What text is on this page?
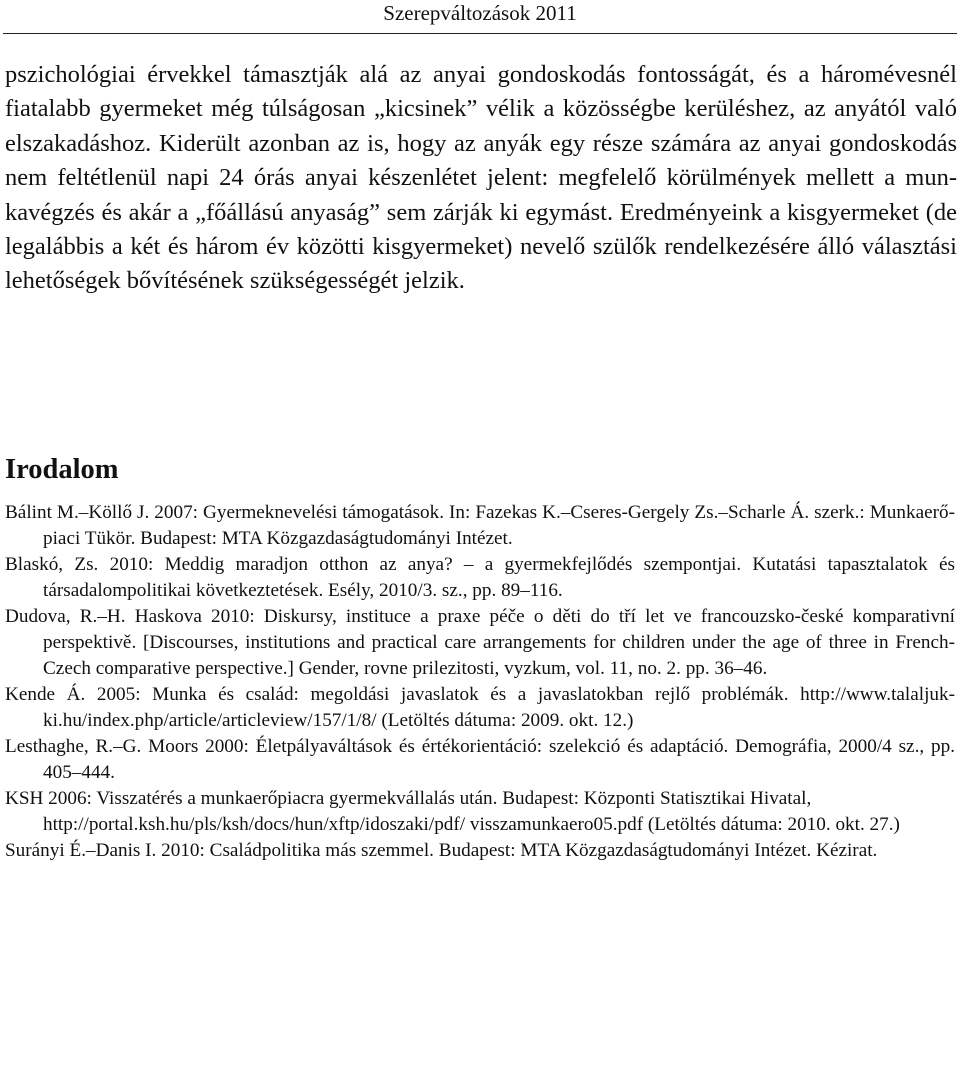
Szerepváltozások 2011

pszichológiai érvekkel támasztják alá az anyai gondoskodás fontosságát, és a háromévesnél fiatalabb gyermeket még túlságosan „kicsinek” vélik a közösségbe kerüléshez, az anyától való elszakadáshoz. Kiderült azonban az is, hogy az anyák egy része számára az anyai gondoskodás nem feltétlenül napi 24 órás anyai készenlétet jelent: megfelelő körülmények mellett a munkavégzés és akár a „főállású anyaság” sem zárják ki egymást. Eredményeink a kisgyermeket (de legalábbis a két és három év közötti kisgyermeket) nevelő szülők rendelkezésére álló választási lehetőségek bővítésének szükségességét jelzik.

Irodalom
Bálint M.–Köllő J. 2007: Gyermeknevelési támogatások. In: Fazekas K.–Cseres-Gergely Zs.–Scharle Á. szerk.: Munkaerő-piaci Tükör. Budapest: MTA Közgazdaságtudományi Intézet.
Blaskó, Zs. 2010: Meddig maradjon otthon az anya? – a gyermekfejlődés szempontjai. Kutatási tapasztalatok és társadalompolitikai következtetések. Esély, 2010/3. sz., pp. 89–116.
Dudova, R.–H. Haskova 2010: Diskursy, instituce a praxe péče o děti do tří let ve francouzsko-české komparativní perspektivě. [Discourses, institutions and practical care arrangements for children under the age of three in French-Czech comparative perspective.] Gender, rovne prilezitosti, vyzkum, vol. 11, no. 2. pp. 36–46.
Kende Á. 2005: Munka és család: megoldási javaslatok és a javaslatokban rejlő problémák. http://www.talaljuk-ki.hu/index.php/article/articleview/157/1/8/ (Letöltés dátuma: 2009. okt. 12.)
Lesthaghe, R.–G. Moors 2000: Életpályaváltások és értékorientáció: szelekció és adaptáció. Demográfia, 2000/4 sz., pp. 405–444.
KSH 2006: Visszatérés a munkaerőpiacra gyermekvállalás után. Budapest: Központi Statisztikai Hivatal, http://portal.ksh.hu/pls/ksh/docs/hun/xftp/idoszaki/pdf/ visszamunkaero05.pdf (Letöltés dátuma: 2010. okt. 27.)
Surányi É.–Danis I. 2010: Családpolitika más szemmel. Budapest: MTA Közgazdaságtudományi Intézet. Kézirat.
